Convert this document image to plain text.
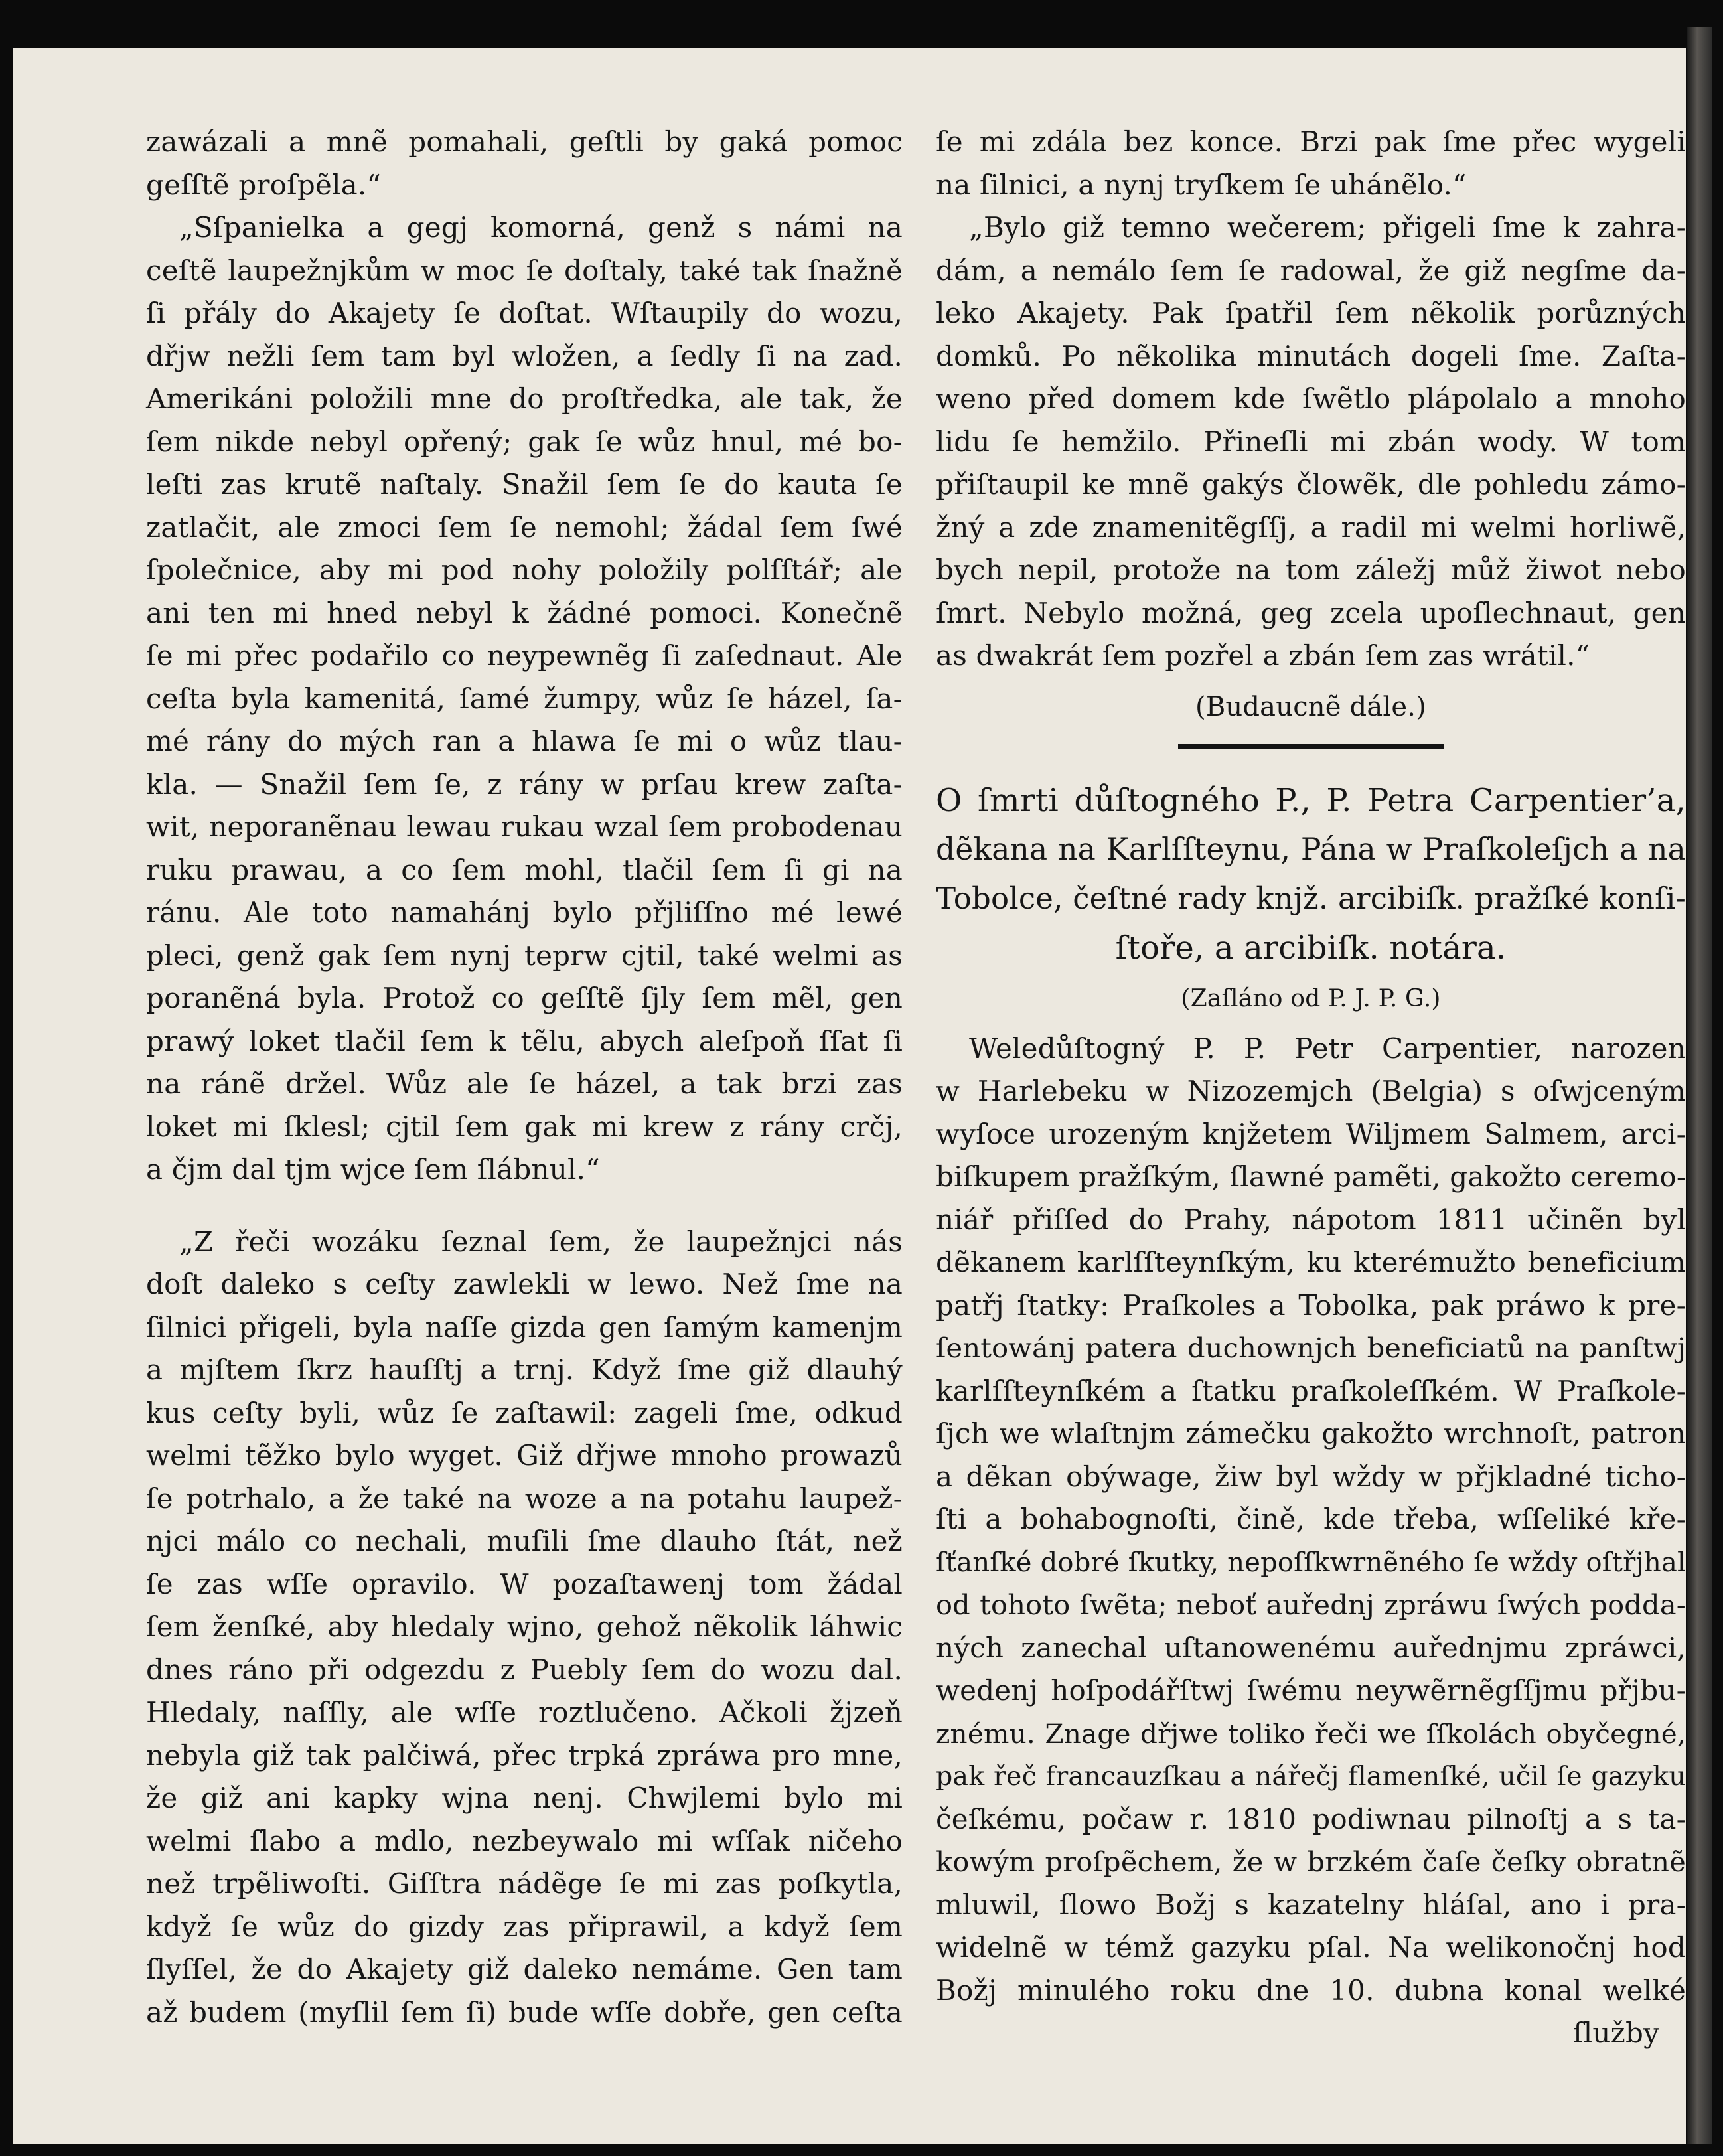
zawázali a mnẽ pomahali, geſtli by gaká pomoc
geſſtẽ proſpẽla.“
„Sſpanielka a gegj komorná, genž s námi na
ceſtẽ laupežnjkům w moc ſe doſtaly, také tak ſnažně
ſi přály do Akajety ſe doſtat. Wſtaupily do wozu,
dřjw nežli ſem tam byl wložen, a ſedly ſi na zad.
Amerikáni položili mne do proſtředka, ale tak, že
ſem nikde nebyl opřený; gak ſe wůz hnul, mé bo-
leſti zas krutẽ naſtaly. Snažil ſem ſe do kauta ſe
zatlačit, ale zmoci ſem ſe nemohl; žádal ſem ſwé
ſpolečnice, aby mi pod nohy položily polſſtář; ale
ani ten mi hned nebyl k žádné pomoci. Konečnẽ
ſe mi přec podařilo co neypewnẽg ſi zaſednaut. Ale
ceſta byla kamenitá, ſamé žumpy, wůz ſe házel, ſa-
mé rány do mých ran a hlawa ſe mi o wůz tlau-
kla. — Snažil ſem ſe, z rány w prſau krew zaſta-
wit, neporanẽnau lewau rukau wzal ſem probodenau
ruku prawau, a co ſem mohl, tlačil ſem ſi gi na
ránu. Ale toto namahánj bylo přjliſſno mé lewé
pleci, genž gak ſem nynj teprw cjtil, také welmi as
poranẽná byla. Protož co geſſtẽ ſjly ſem mẽl, gen
prawý loket tlačil ſem k tẽlu, abych aleſpoň ſſat ſi
na ránẽ držel. Wůz ale ſe házel, a tak brzi zas
loket mi ſklesl; cjtil ſem gak mi krew z rány crčj,
a čjm dal tjm wjce ſem ſlábnul.“
„Z řeči wozáku ſeznal ſem, že laupežnjci nás
doſt daleko s ceſty zawlekli w lewo. Než ſme na
ſilnici přigeli, byla naſſe gizda gen ſamým kamenjm
a mjſtem ſkrz hauſſtj a trnj. Když ſme giž dlauhý
kus ceſty byli, wůz ſe zaſtawil: zageli ſme, odkud
welmi tẽžko bylo wyget. Giž dřjwe mnoho prowazů
ſe potrhalo, a že také na woze a na potahu laupež-
njci málo co nechali, muſili ſme dlauho ſtát, než
ſe zas wſſe opravilo. W pozaſtawenj tom žádal
ſem ženſké, aby hledaly wjno, gehož nẽkolik láhwic
dnes ráno při odgezdu z Puebly ſem do wozu dal.
Hledaly, naſſly, ale wſſe roztlučeno. Ačkoli žjzeň
nebyla giž tak palčiwá, přec trpká zpráwa pro mne,
že giž ani kapky wjna nenj. Chwjlemi bylo mi
welmi ſlabo a mdlo, nezbeywalo mi wſſak ničeho
než trpẽliwoſti. Giſſtra nádẽge ſe mi zas poſkytla,
když ſe wůz do gizdy zas připrawil, a když ſem
ſlyſſel, že do Akajety giž daleko nemáme. Gen tam
až budem (myſlil ſem ſi) bude wſſe dobře, gen ceſta
ſe mi zdála bez konce. Brzi pak ſme přec wygeli
na ſilnici, a nynj tryſkem ſe uhánẽlo.“
„Bylo giž temno wečerem; přigeli ſme k zahra-
dám, a nemálo ſem ſe radowal, že giž negſme da-
leko Akajety. Pak ſpatřil ſem nẽkolik porůzných
domků. Po nẽkolika minutách dogeli ſme. Zaſta-
weno před domem kde ſwẽtlo plápolalo a mnoho
lidu ſe hemžilo. Přineſli mi zbán wody. W tom
přiſtaupil ke mnẽ gakýs člowẽk, dle pohledu zámo-
žný a zde znamenitẽgſſj, a radil mi welmi horliwẽ,
bych nepil, protože na tom záležj můž žiwot nebo
ſmrt. Nebylo možná, geg zcela upoſlechnaut, gen
as dwakrát ſem pozřel a zbán ſem zas wrátil.“
(Budaucnẽ dále.)
O ſmrti důſtogného P., P. Petra Carpentier’a,
dẽkana na Karlſſteynu, Pána w Praſkoleſjch a na
Tobolce, čeſtné rady knjž. arcibiſk. pražſké konſi-
ſtoře, a arcibiſk. notára.
(Zaſláno od P. J. P. G.)
Weledůſtogný P. P. Petr Carpentier, narozen
w Harlebeku w Nizozemjch (Belgia) s oſwjceným
wyſoce urozeným knjžetem Wiljmem Salmem, arci-
biſkupem pražſkým, ſlawné pamẽti, gakožto ceremo-
niář přiſſed do Prahy, nápotom 1811 učinẽn byl
dẽkanem karlſſteynſkým, ku kterémužto beneficium
patřj ſtatky: Praſkoles a Tobolka, pak práwo k pre-
ſentowánj patera duchownjch beneficiatů na panſtwj
karlſſteynſkém a ſtatku praſkoleſſkém. W Praſkole-
ſjch we wlaſtnjm zámečku gakožto wrchnoſt, patron
a dẽkan obýwage, žiw byl wždy w přjkladné ticho-
ſti a bohabognoſti, čině, kde třeba, wſſeliké kře-
ſťanſké dobré ſkutky, nepoſſkwrnẽného ſe wždy oſtřjhal
od tohoto ſwẽta; neboť auřednj zpráwu ſwých podda-
ných zanechal uſtanowenému auřednjmu zpráwci,
wedenj hoſpodářſtwj ſwému neywẽrnẽgſſjmu přjbu-
znému. Znage dřjwe toliko řeči we ſſkolách obyčegné,
pak řeč francauzſkau a nářečj flamenſké, učil ſe gazyku
čeſkému, počaw r. 1810 podiwnau pilnoſtj a s ta-
kowým proſpẽchem, že w brzkém čaſe čeſky obratnẽ
mluwil, ſlowo Božj s kazatelny hláſal, ano i pra-
widelnẽ w témž gazyku pſal. Na welikonočnj hod
Božj minulého roku dne 10. dubna konal welké
ſlužby
